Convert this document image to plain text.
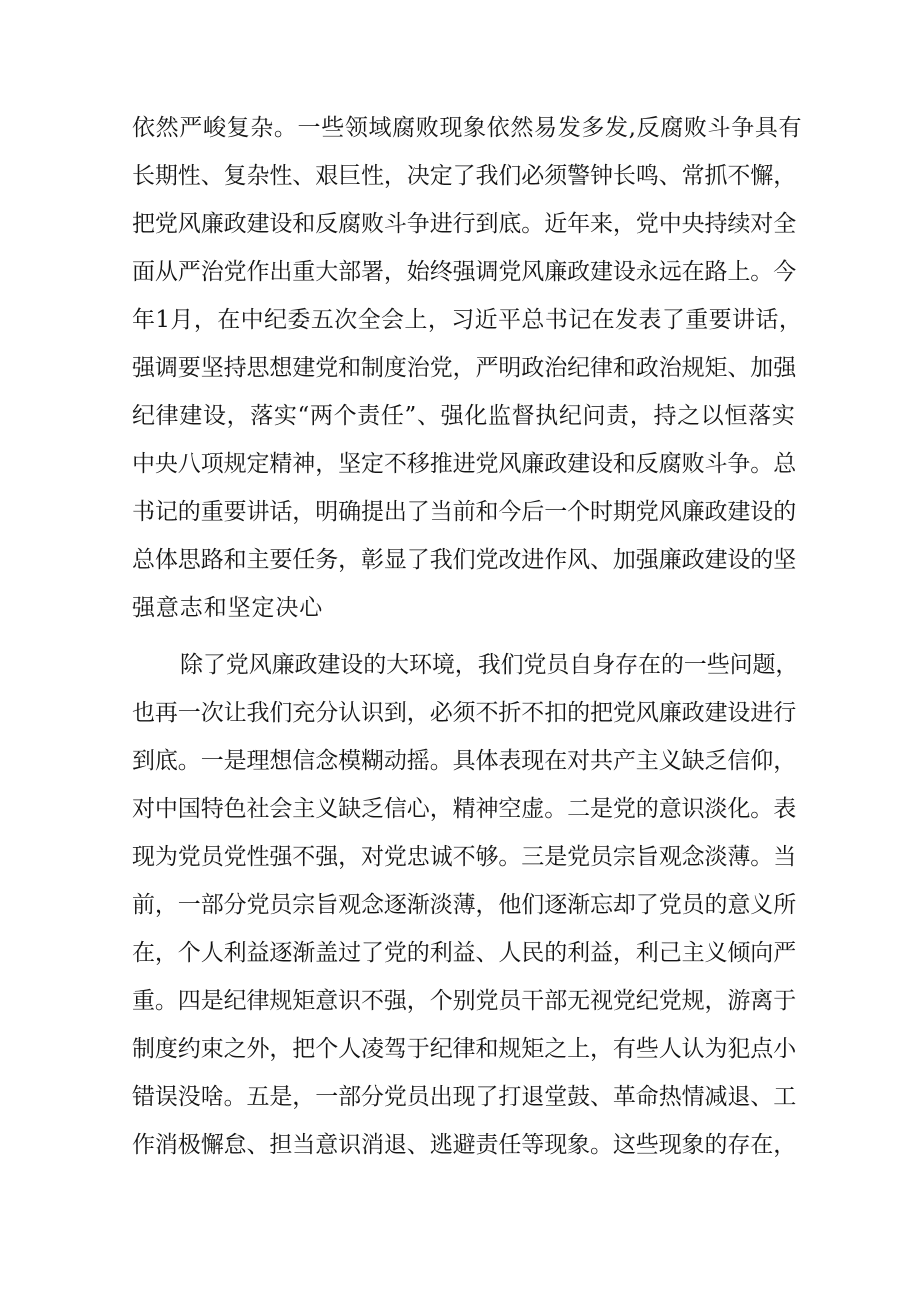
依然严峻复杂。一些领域腐败现象依然易发多发,反腐败斗争具有
长期性、复杂性、艰巨性，决定了我们必须警钟长鸣、常抓不懈，
把党风廉政建设和反腐败斗争进行到底。近年来，党中央持续对全
面从严治党作出重大部署，始终强调党风廉政建设永远在路上。今
年1月，在中纪委五次全会上，习近平总书记在发表了重要讲话，
强调要坚持思想建党和制度治党，严明政治纪律和政治规矩、加强
纪律建设，落实“两个责任”、强化监督执纪问责，持之以恒落实
中央八项规定精神，坚定不移推进党风廉政建设和反腐败斗争。总
书记的重要讲话，明确提出了当前和今后一个时期党风廉政建设的
总体思路和主要任务，彰显了我们党改进作风、加强廉政建设的坚
强意志和坚定决心
除了党风廉政建设的大环境，我们党员自身存在的一些问题，
也再一次让我们充分认识到，必须不折不扣的把党风廉政建设进行
到底。一是理想信念模糊动摇。具体表现在对共产主义缺乏信仰，
对中国特色社会主义缺乏信心，精神空虚。二是党的意识淡化。表
现为党员党性强不强，对党忠诚不够。三是党员宗旨观念淡薄。当
前，一部分党员宗旨观念逐渐淡薄，他们逐渐忘却了党员的意义所
在，个人利益逐渐盖过了党的利益、人民的利益，利己主义倾向严
重。四是纪律规矩意识不强，个别党员干部无视党纪党规，游离于
制度约束之外，把个人凌驾于纪律和规矩之上，有些人认为犯点小
错误没啥。五是，一部分党员出现了打退堂鼓、革命热情减退、工
作消极懈怠、担当意识消退、逃避责任等现象。这些现象的存在，
